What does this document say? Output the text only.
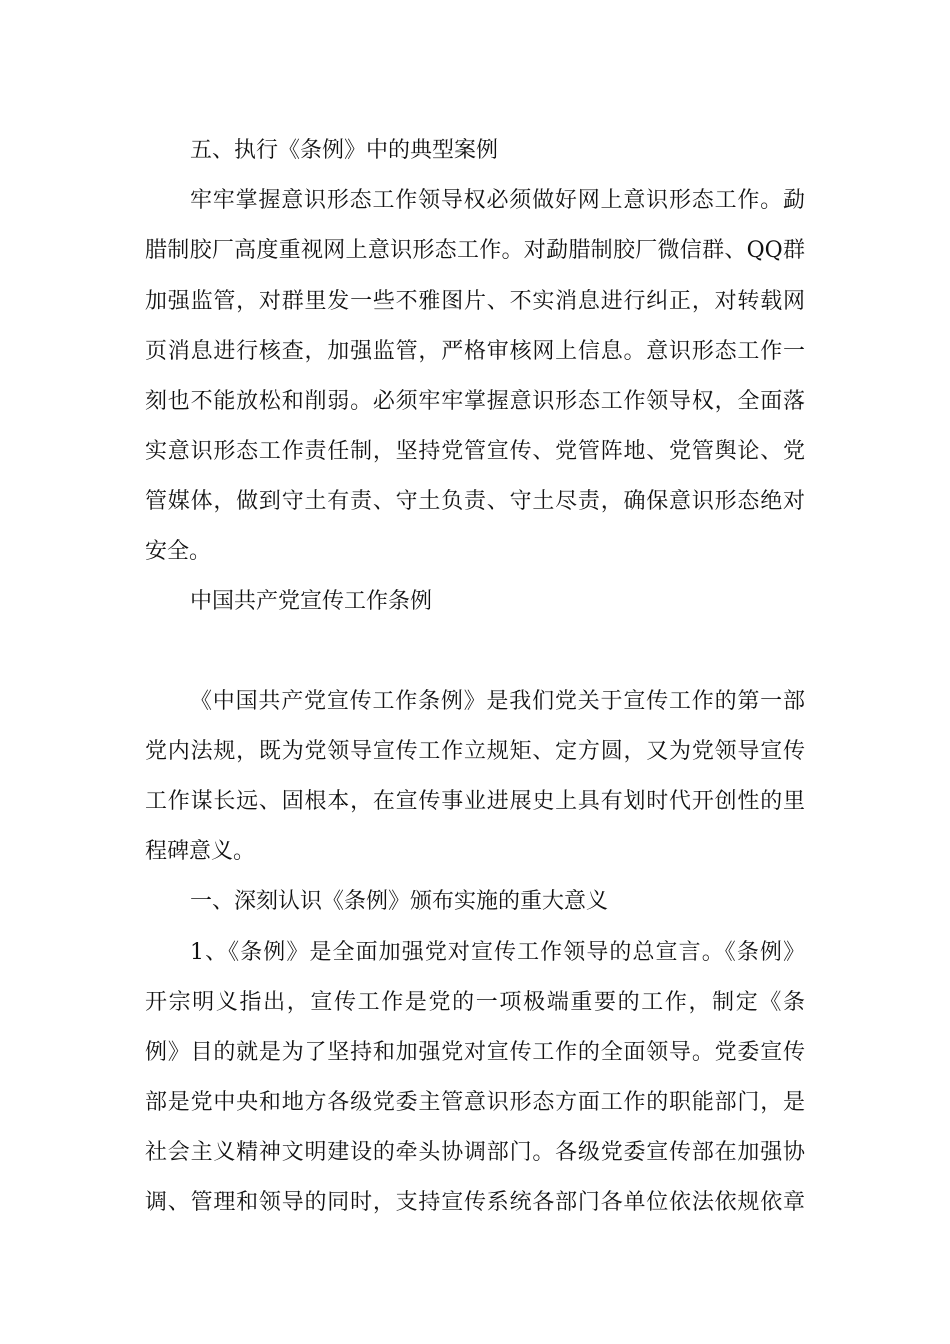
五、执行《条例》中的典型案例
牢牢掌握意识形态工作领导权必须做好网上意识形态工作。勐
腊制胶厂高度重视网上意识形态工作。对勐腊制胶厂微信群、QQ群
加强监管，对群里发一些不雅图片、不实消息进行纠正，对转载网
页消息进行核查，加强监管，严格审核网上信息。意识形态工作一
刻也不能放松和削弱。必须牢牢掌握意识形态工作领导权，全面落
实意识形态工作责任制，坚持党管宣传、党管阵地、党管舆论、党
管媒体，做到守土有责、守土负责、守土尽责，确保意识形态绝对
安全。
中国共产党宣传工作条例
《中国共产党宣传工作条例》是我们党关于宣传工作的第一部
党内法规，既为党领导宣传工作立规矩、定方圆，又为党领导宣传
工作谋长远、固根本，在宣传事业进展史上具有划时代开创性的里
程碑意义。
一、深刻认识《条例》颁布实施的重大意义
1、《条例》是全面加强党对宣传工作领导的总宣言。《条例》
开宗明义指出，宣传工作是党的一项极端重要的工作，制定《条
例》目的就是为了坚持和加强党对宣传工作的全面领导。党委宣传
部是党中央和地方各级党委主管意识形态方面工作的职能部门，是
社会主义精神文明建设的牵头协调部门。各级党委宣传部在加强协
调、管理和领导的同时，支持宣传系统各部门各单位依法依规依章
